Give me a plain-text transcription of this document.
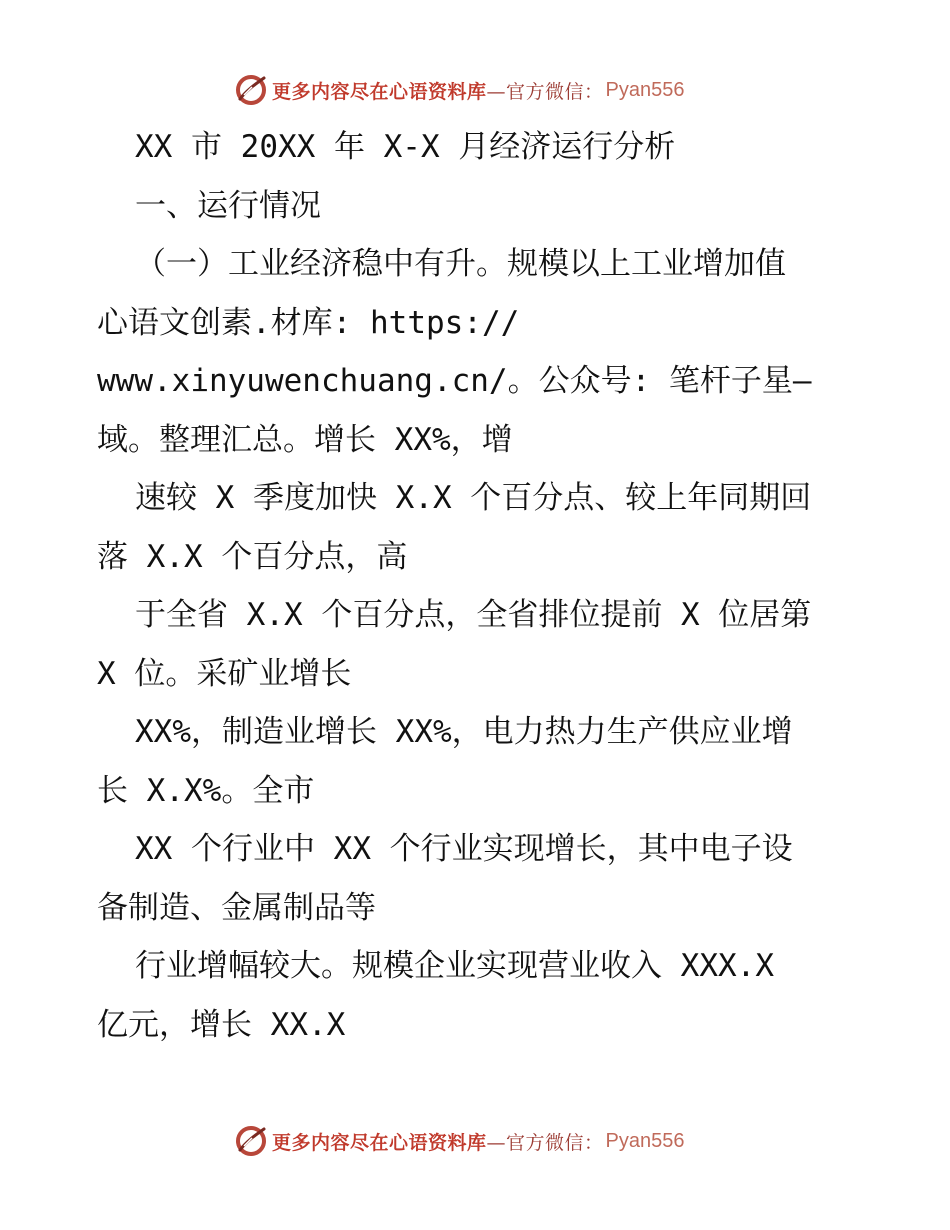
更多内容尽在心语资料库 —官方微信： Pyan556
XX 市 20XX 年 X-X 月经济运行分析
一、运行情况
（一）工业经济稳中有升。规模以上工业增加值
心语文创素.材库: https://
www.xinyuwenchuang.cn/。公众号: 笔杆子星—
域。整理汇总。增长 XX%，增
速较 X 季度加快 X.X 个百分点、较上年同期回
落 X.X 个百分点，高
于全省 X.X 个百分点，全省排位提前 X 位居第
X 位。采矿业增长
XX%，制造业增长 XX%，电力热力生产供应业增
长 X.X%。全市
XX 个行业中 XX 个行业实现增长，其中电子设
备制造、金属制品等
行业增幅较大。规模企业实现营业收入 XXX.X
亿元，增长 XX.X
更多内容尽在心语资料库 —官方微信： Pyan556
